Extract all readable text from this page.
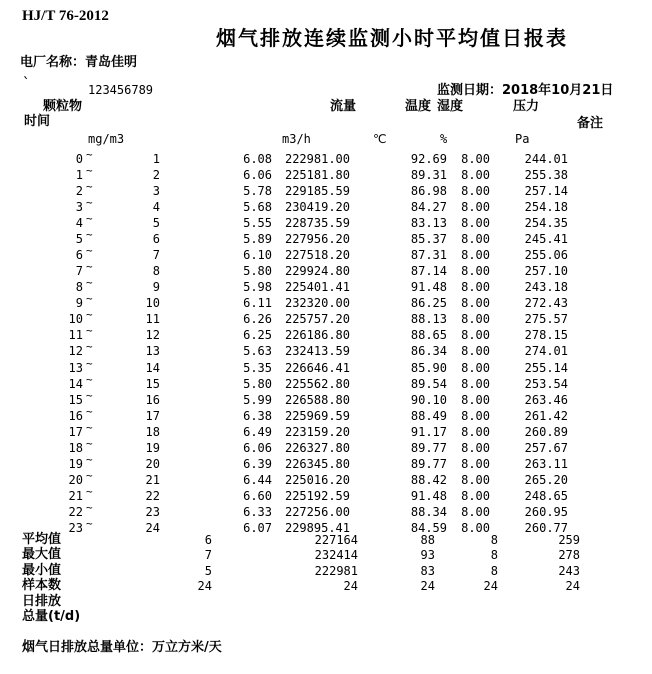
HJ/T 76-2012
烟气排放连续监测小时平均值日报表
电厂名称：青岛佳明
`	123456789	监测日期：2018年10月21日
颗粒物	流量	温度 湿度	压力
时间	备注
mg/m3	m3/h	℃	%	Pa
0 ~	1	6.08	222981.00	92.69	8.00	244.01
1 ~	2	6.06	225181.80	89.31	8.00	255.38
2 ~	3	5.78	229185.59	86.98	8.00	257.14
3 ~	4	5.68	230419.20	84.27	8.00	254.18
4 ~	5	5.55	228735.59	83.13	8.00	254.35
5 ~	6	5.89	227956.20	85.37	8.00	245.41
6 ~	7	6.10	227518.20	87.31	8.00	255.06
7 ~	8	5.80	229924.80	87.14	8.00	257.10
8 ~	9	5.98	225401.41	91.48	8.00	243.18
9 ~	10	6.11	232320.00	86.25	8.00	272.43
10 ~	11	6.26	225757.20	88.13	8.00	275.57
11 ~	12	6.25	226186.80	88.65	8.00	278.15
12 ~	13	5.63	232413.59	86.34	8.00	274.01
13 ~	14	5.35	226646.41	85.90	8.00	255.14
14 ~	15	5.80	225562.80	89.54	8.00	253.54
15 ~	16	5.99	226588.80	90.10	8.00	263.46
16 ~	17	6.38	225969.59	88.49	8.00	261.42
17 ~	18	6.49	223159.20	91.17	8.00	260.89
18 ~	19	6.06	226327.80	89.77	8.00	257.67
19 ~	20	6.39	226345.80	89.77	8.00	263.11
20 ~	21	6.44	225016.20	88.42	8.00	265.20
21 ~	22	6.60	225192.59	91.48	8.00	248.65
22 ~	23	6.33	227256.00	88.34	8.00	260.95
23 ~	24	6.07	229895.41	84.59	8.00	260.77
平均值	6	227164	88	8	259
最大值	7	232414	93	8	278
最小值	5	222981	83	8	243
样本数	24	24	24	24	24
日排放
总量(t/d)
烟气日排放总量单位：万立方米/天
